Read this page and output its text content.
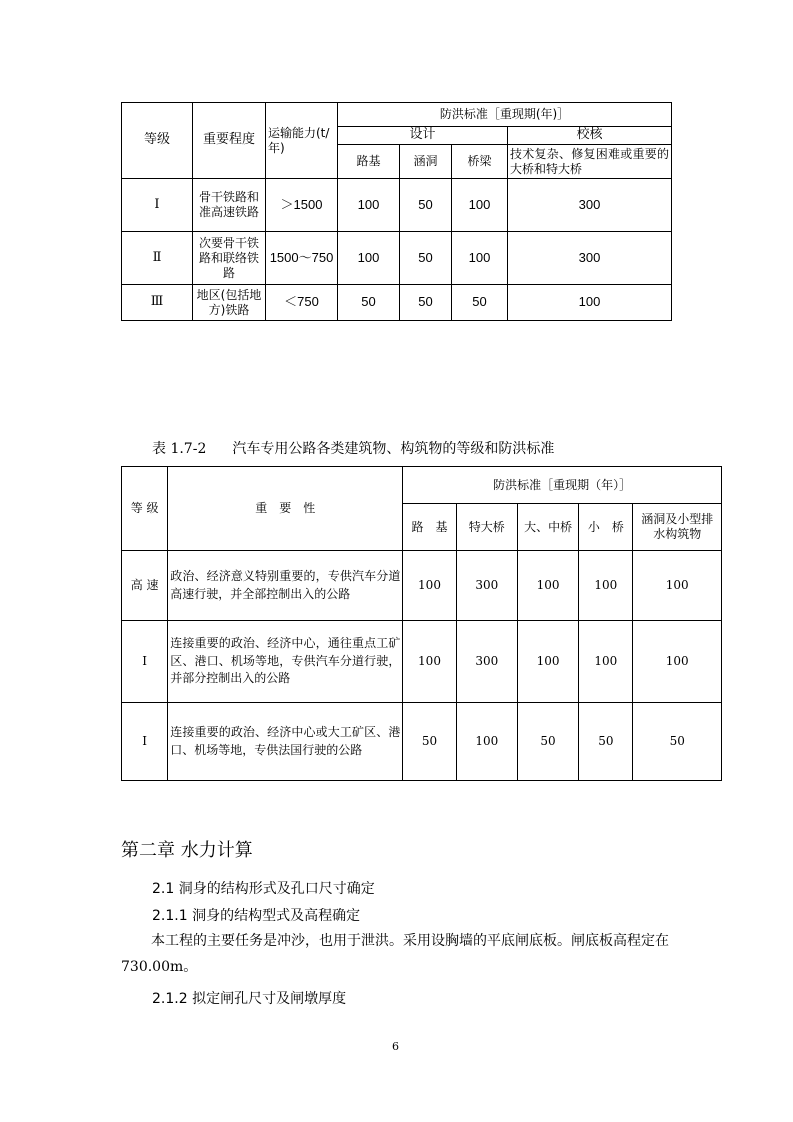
等级	重要程度	运输能力(t/年)	防洪标准［重现期(年)］			
			设计			校核
			路基	涵洞	桥梁	技术复杂、修复困难或重要的大桥和特大桥
Ⅰ	骨干铁路和准高速铁路	＞1500	100	50	100	300
Ⅱ	次要骨干铁路和联络铁路	1500～750	100	50	100	300
Ⅲ	地区(包括地方)铁路	＜750	50	50	50	100
表 1.7-2 汽车专用公路各类建筑物、构筑物的等级和防洪标准
等 级	重　要　性	防洪标准［重现期（年）］				
		路　基	特大桥	大、中桥	小　桥	涵洞及小型排水构筑物
高 速	政治、经济意义特别重要的，专供汽车分道高速行驶，并全部控制出入的公路	100	300	100	100	100
Ⅰ	连接重要的政治、经济中心，通往重点工矿区、港口、机场等地，专供汽车分道行驶，并部分控制出入的公路	100	300	100	100	100
Ⅰ	连接重要的政治、经济中心或大工矿区、港口、机场等地，专供法国行驶的公路	50	100	50	50	50
第二章 水力计算
2.1 洞身的结构形式及孔口尺寸确定
2.1.1 洞身的结构型式及高程确定
本工程的主要任务是冲沙，也用于泄洪。采用设胸墙的平底闸底板。闸底板高程定在 730.00m。
2.1.2 拟定闸孔尺寸及闸墩厚度
6
